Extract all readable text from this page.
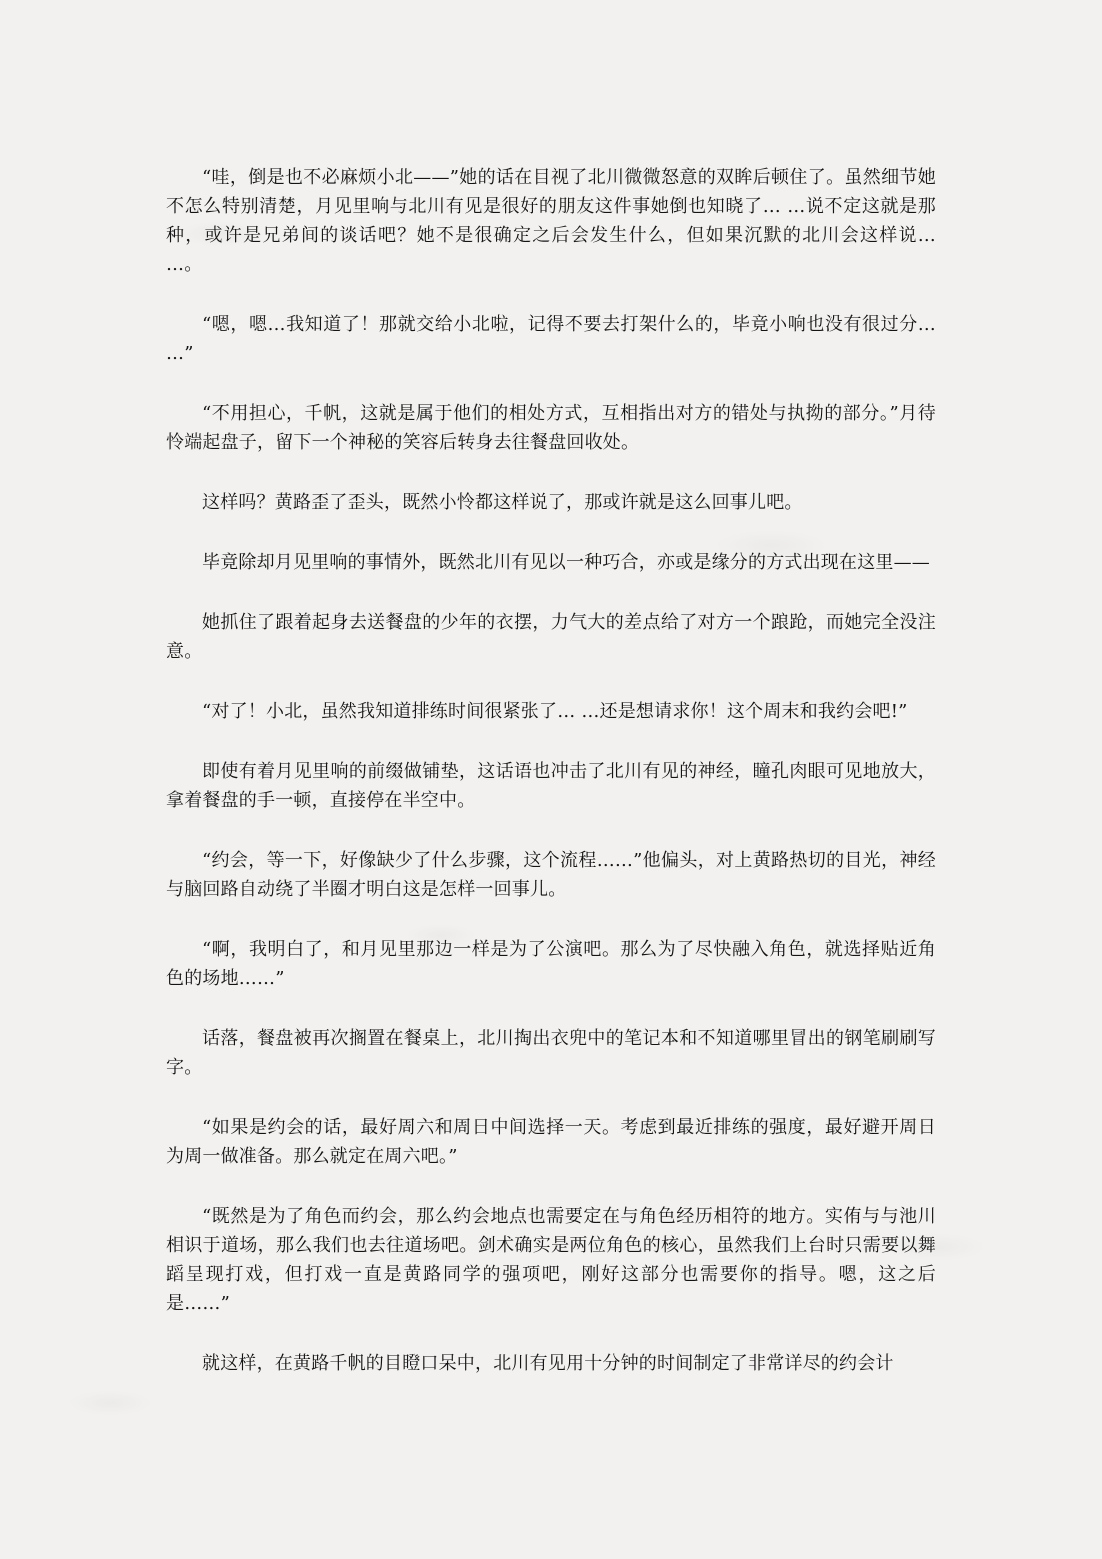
“哇，倒是也不必麻烦小北——”她的话在目视了北川微微怒意的双眸后顿住了。虽然细节她不怎么特别清楚，月见里响与北川有见是很好的朋友这件事她倒也知晓了… …说不定这就是那种，或许是兄弟间的谈话吧？她不是很确定之后会发生什么，但如果沉默的北川会这样说… …。

“嗯，嗯…我知道了！那就交给小北啦，记得不要去打架什么的，毕竟小响也没有很过分… …”

“不用担心，千帆，这就是属于他们的相处方式，互相指出对方的错处与执拗的部分。”月待怜端起盘子，留下一个神秘的笑容后转身去往餐盘回收处。

这样吗？黄路歪了歪头，既然小怜都这样说了，那或许就是这么回事儿吧。

毕竟除却月见里响的事情外，既然北川有见以一种巧合，亦或是缘分的方式出现在这里——

她抓住了跟着起身去送餐盘的少年的衣摆，力气大的差点给了对方一个踉跄，而她完全没注意。

“对了！小北，虽然我知道排练时间很紧张了… …还是想请求你！这个周末和我约会吧!”

即使有着月见里响的前缀做铺垫，这话语也冲击了北川有见的神经，瞳孔肉眼可见地放大，拿着餐盘的手一顿，直接停在半空中。

“约会，等一下，好像缺少了什么步骤，这个流程……”他偏头，对上黄路热切的目光，神经与脑回路自动绕了半圈才明白这是怎样一回事儿。

“啊，我明白了，和月见里那边一样是为了公演吧。那么为了尽快融入角色，就选择贴近角色的场地……”

话落，餐盘被再次搁置在餐桌上，北川掏出衣兜中的笔记本和不知道哪里冒出的钢笔刷刷写字。

“如果是约会的话，最好周六和周日中间选择一天。考虑到最近排练的强度，最好避开周日为周一做准备。那么就定在周六吧。”

“既然是为了角色而约会，那么约会地点也需要定在与角色经历相符的地方。实侑与与池川相识于道场，那么我们也去往道场吧。剑术确实是两位角色的核心，虽然我们上台时只需要以舞蹈呈现打戏，但打戏一直是黄路同学的强项吧，刚好这部分也需要你的指导。嗯，这之后是……”

就这样，在黄路千帆的目瞪口呆中，北川有见用十分钟的时间制定了非常详尽的约会计
